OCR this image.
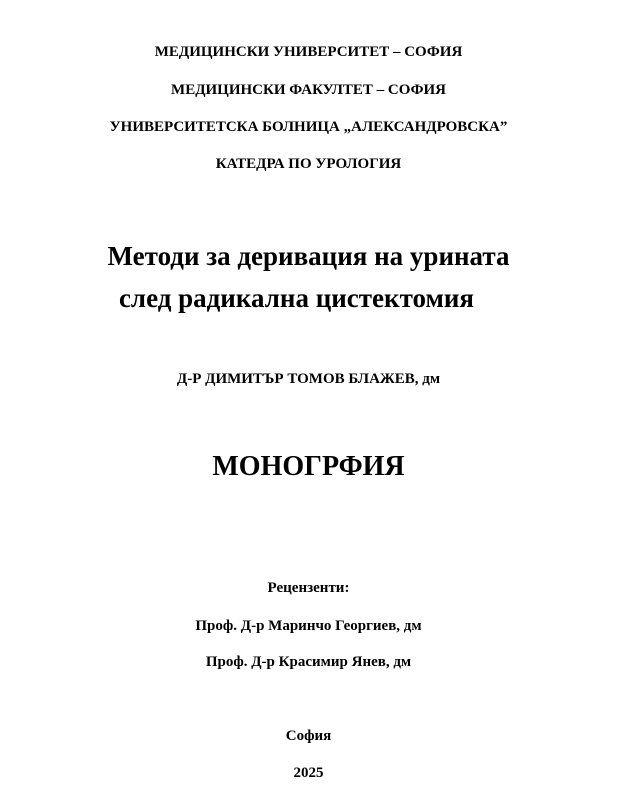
МЕДИЦИНСКИ УНИВЕРСИТЕТ – СОФИЯ
МЕДИЦИНСКИ ФАКУЛТЕТ – СОФИЯ
УНИВЕРСИТЕТСКА БОЛНИЦА „АЛЕКСАНДРОВСКА”
КАТЕДРА ПО УРОЛОГИЯ
Методи за деривация на урината
след радикална цистектомия
Д-Р ДИМИТЪР ТОМОВ БЛАЖЕВ, дм
МОНОГРФИЯ
Рецензенти:
Проф. Д-р Маринчо Георгиев, дм
Проф. Д-р Красимир Янев, дм
София
2025
